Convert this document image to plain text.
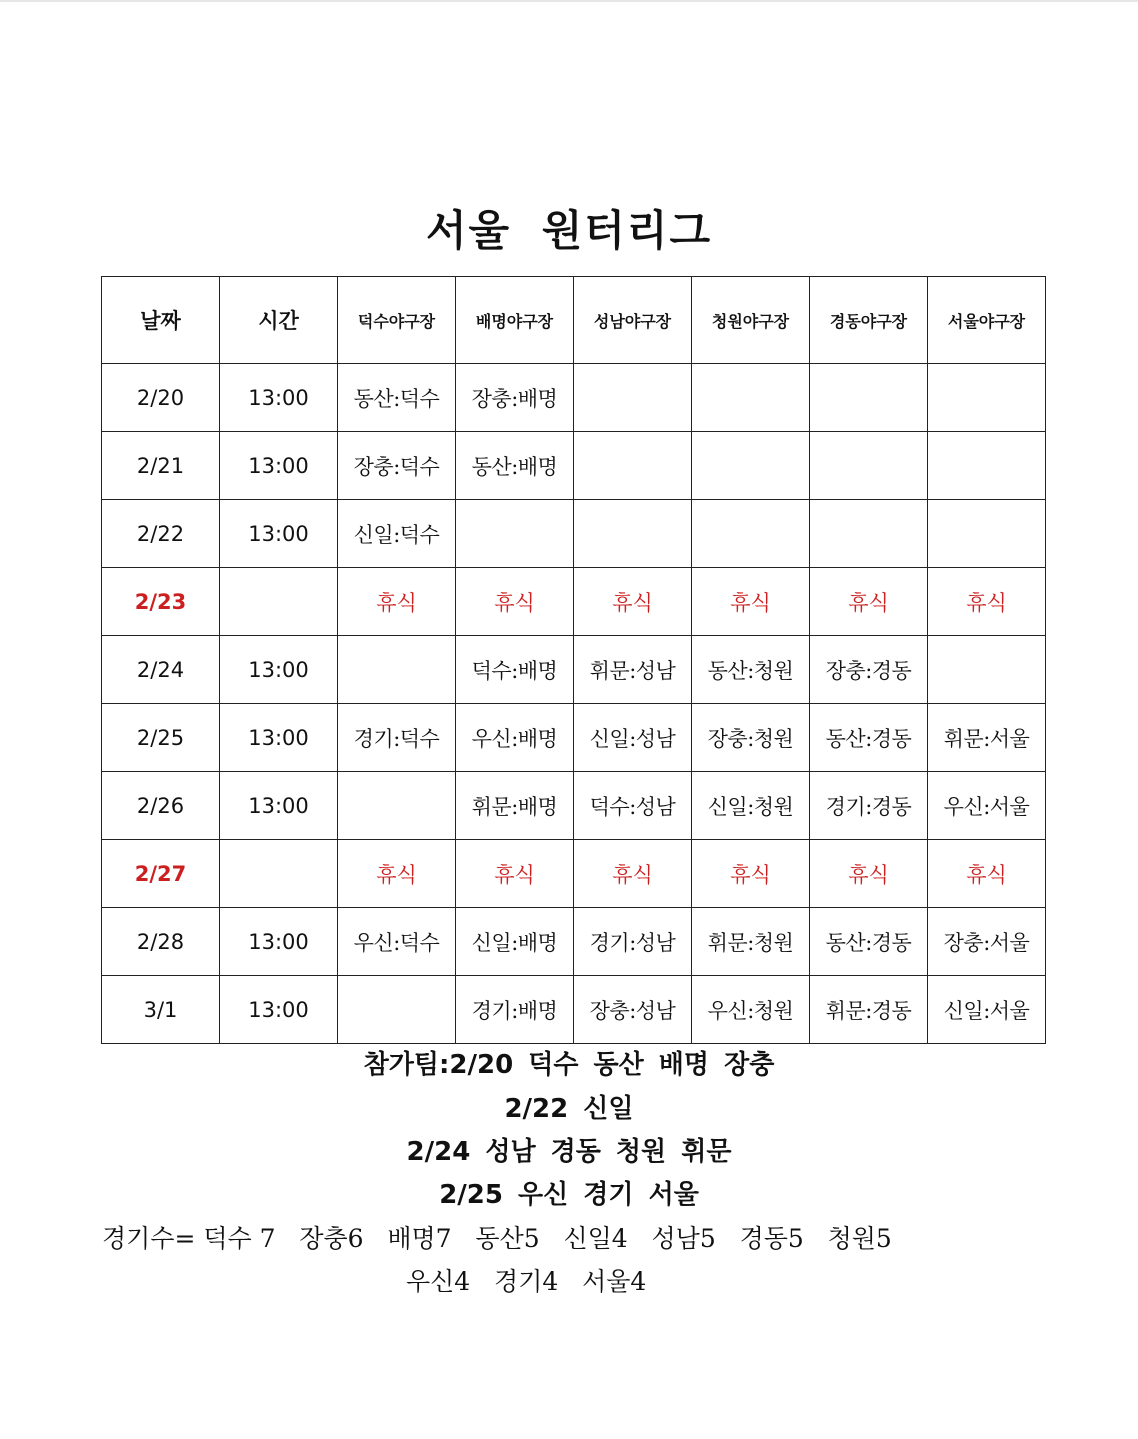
서울 원터리그
날짜	시간	덕수야구장	배명야구장	성남야구장	청원야구장	경동야구장	서울야구장
2/20	13:00	동산:덕수	장충:배명				
2/21	13:00	장충:덕수	동산:배명				
2/22	13:00	신일:덕수					
2/23		휴식	휴식	휴식	휴식	휴식	휴식
2/24	13:00		덕수:배명	휘문:성남	동산:청원	장충:경동	
2/25	13:00	경기:덕수	우신:배명	신일:성남	장충:청원	동산:경동	휘문:서울
2/26	13:00		휘문:배명	덕수:성남	신일:청원	경기:경동	우신:서울
2/27		휴식	휴식	휴식	휴식	휴식	휴식
2/28	13:00	우신:덕수	신일:배명	경기:성남	휘문:청원	동산:경동	장충:서울
3/1	13:00		경기:배명	장충:성남	우신:청원	휘문:경동	신일:서울
참가팀:2/20 덕수 동산 배명 장충
2/22 신일
2/24 성남 경동 청원 휘문
2/25 우신 경기 서울
경기수= 덕수 7   장충6   배명7   동산5   신일4   성남5   경동5   청원5
우신4   경기4   서울4
